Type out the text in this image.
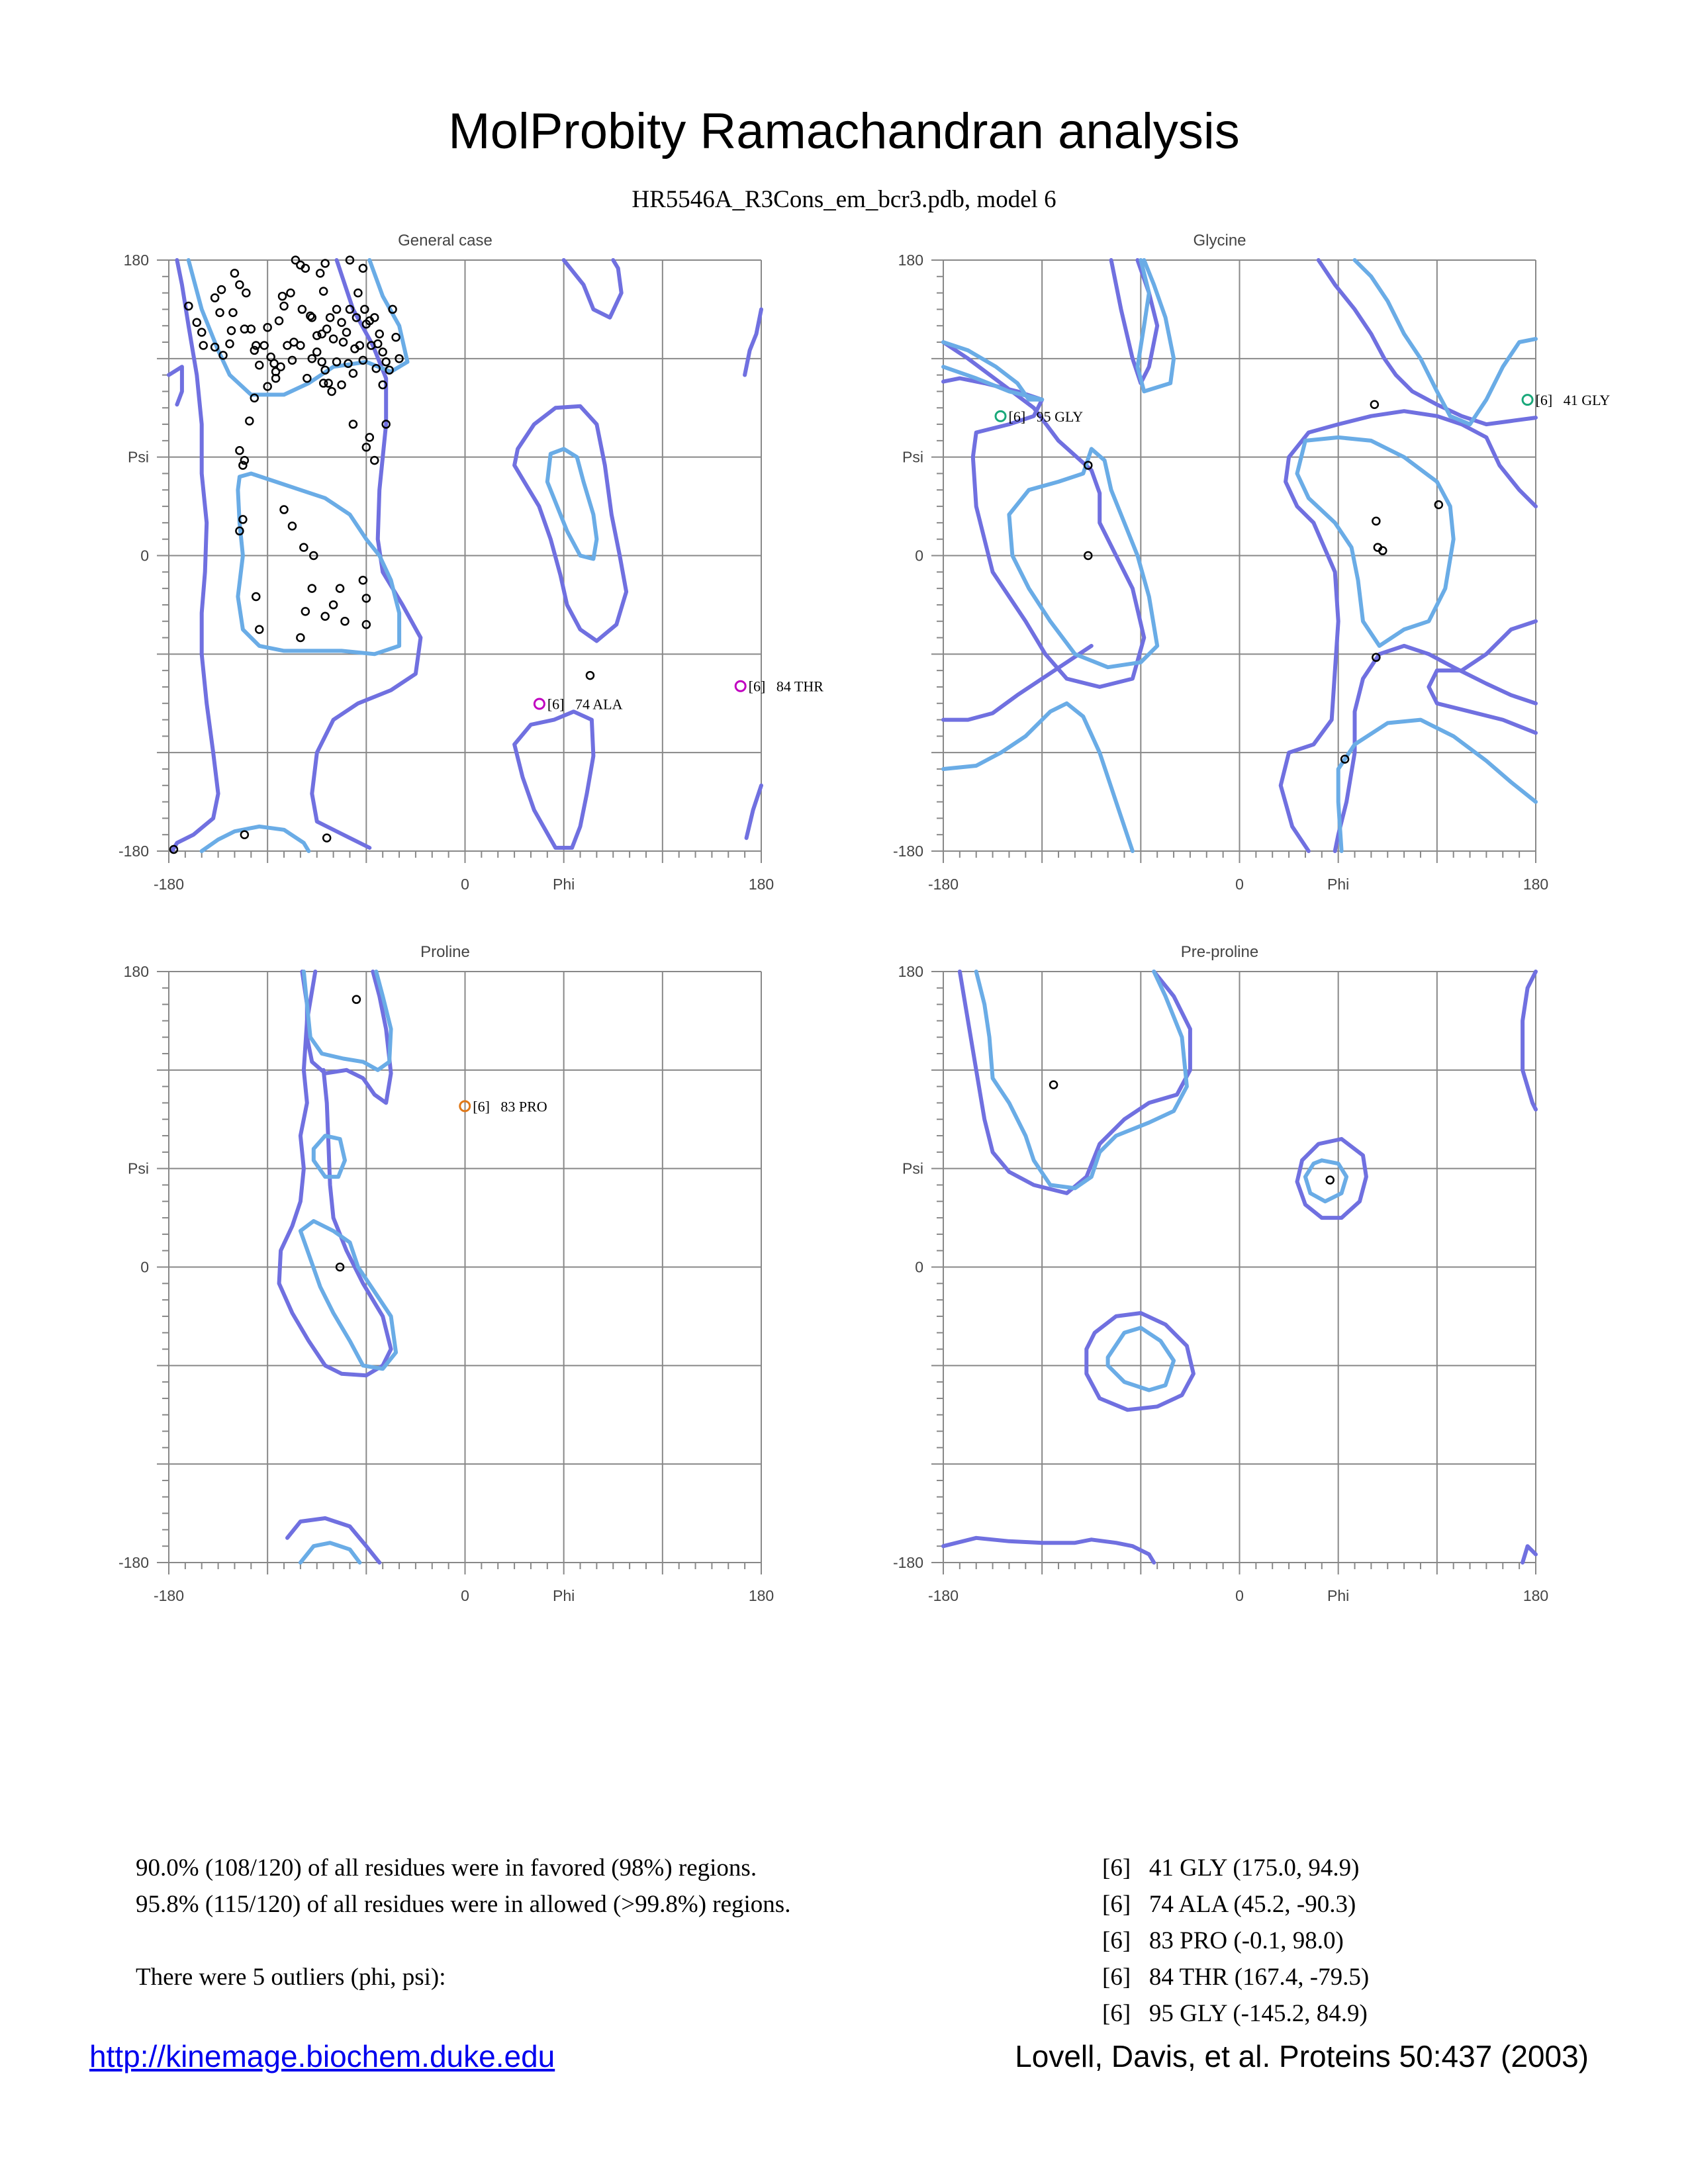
MolProbity Ramachandran analysis
HR5546A_R3Cons_em_bcr3.pdb, model 6
[6]   74 ALA
[6]   84 THR
General case
-180	0	180
180
0
-180
Phi
Psi
[6]   41 GLY
[6]   95 GLY
Glycine
-180	0	180
180
0
-180
Phi
Psi
[6]   83 PRO
Proline
-180	0	180
180
0
-180
Phi
Psi
Pre-proline
-180	0	180
180
0
-180
Phi
Psi
90.0% (108/120) of all residues were in favored (98%) regions.
95.8% (115/120) of all residues were in allowed (>99.8%) regions.
There were 5 outliers (phi, psi):
[6]   41 GLY (175.0, 94.9)
[6]   74 ALA (45.2, -90.3)
[6]   83 PRO (-0.1, 98.0)
[6]   84 THR (167.4, -79.5)
[6]   95 GLY (-145.2, 84.9)
http://kinemage.biochem.duke.edu	Lovell, Davis, et al. Proteins 50:437 (2003)
